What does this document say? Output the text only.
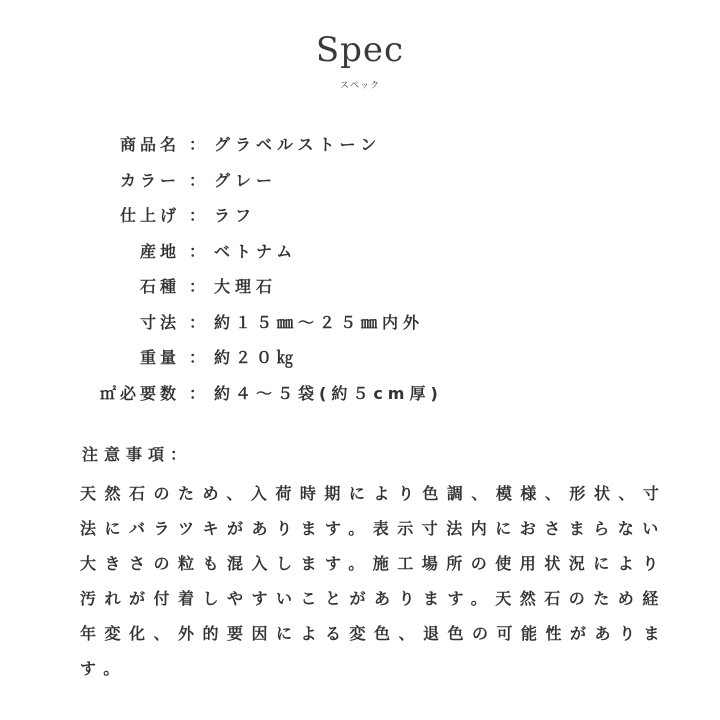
Spec
スペック
商品名 ： グラベルストーン
カラー ： グレー
仕上げ ： ラフ
産地 ： ベトナム
石種 ： 大理石
寸法 ： 約１５㎜～２５㎜内外
重量 ： 約２０㎏
㎡必要数 ： 約４～５袋(約５cm厚)
注意事項：
天然石のため、入荷時期により色調、模様、形状、寸
法にバラツキがあります。表示寸法内におさまらない
大きさの粒も混入します。施工場所の使用状況により
汚れが付着しやすいことがあります。天然石のため経
年変化、外的要因による変色、退色の可能性がありま
す。
